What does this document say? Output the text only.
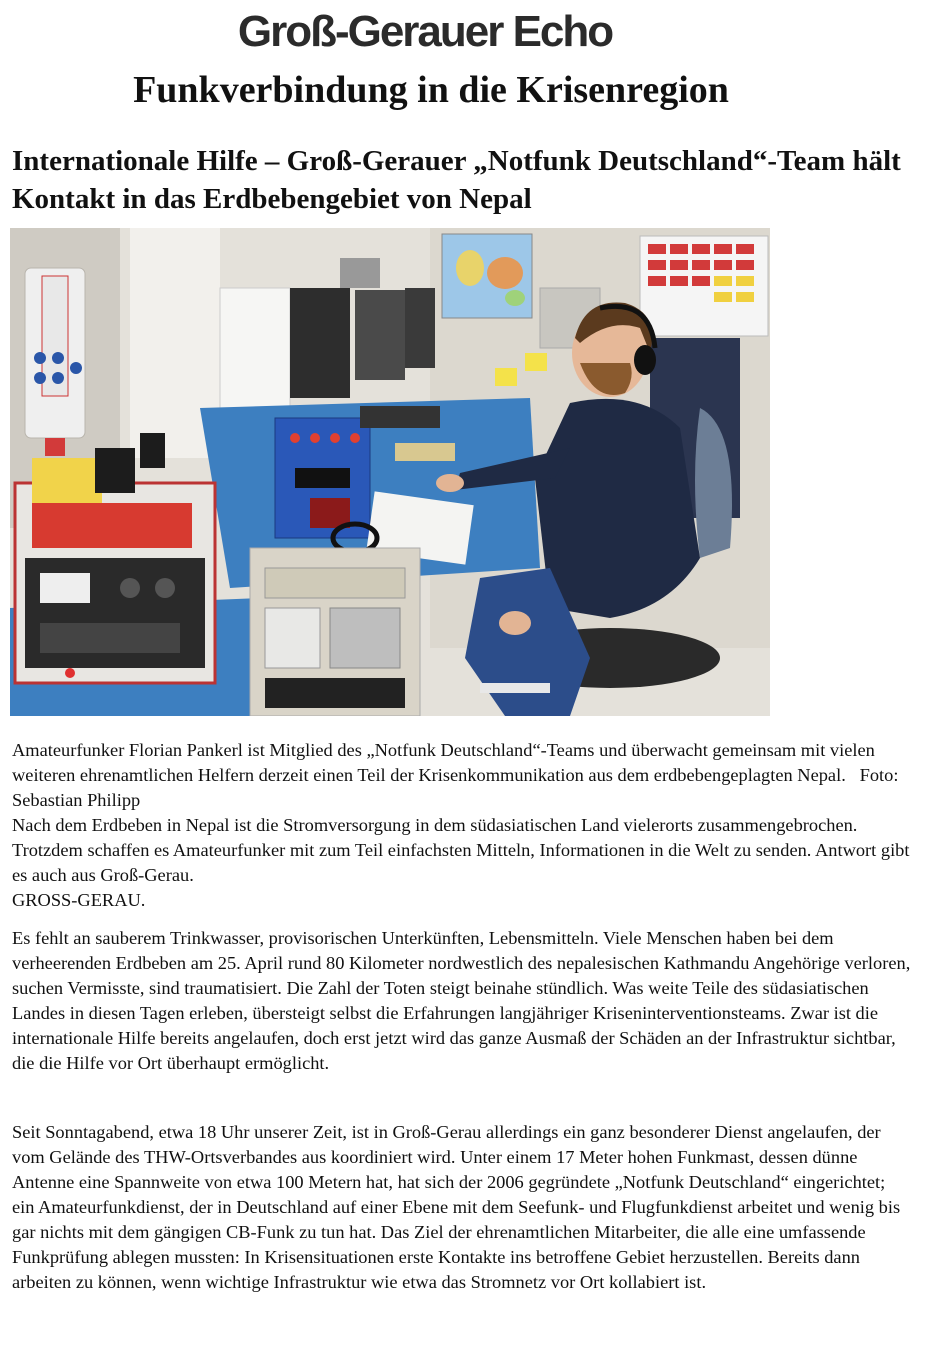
Groß-Gerauer Echo
Funkverbindung in die Krisenregion
Internationale Hilfe – Groß-Gerauer „Notfunk Deutschland“-Team hält Kontakt in das Erdbebengebiet von Nepal

Amateurfunker Florian Pankerl ist Mitglied des „Notfunk Deutschland“-Teams und überwacht gemeinsam mit vielen weiteren ehrenamtlichen Helfern derzeit einen Teil der Krisenkommunikation aus dem erdbebengeplagten Nepal. Foto: Sebastian Philipp

Nach dem Erdbeben in Nepal ist die Stromversorgung in dem südasiatischen Land vielerorts zusammengebrochen. Trotzdem schaffen es Amateurfunker mit zum Teil einfachsten Mitteln, Informationen in die Welt zu senden. Antwort gibt es auch aus Groß-Gerau.

GROSS-GERAU.

Es fehlt an sauberem Trinkwasser, provisorischen Unterkünften, Lebensmitteln. Viele Menschen haben bei dem verheerenden Erdbeben am 25. April rund 80 Kilometer nordwestlich des nepalesischen Kathmandu Angehörige verloren, suchen Vermisste, sind traumatisiert. Die Zahl der Toten steigt beinahe stündlich. Was weite Teile des südasiatischen Landes in diesen Tagen erleben, übersteigt selbst die Erfahrungen langjähriger Kriseninterventionsteams. Zwar ist die internationale Hilfe bereits angelaufen, doch erst jetzt wird das ganze Ausmaß der Schäden an der Infrastruktur sichtbar, die die Hilfe vor Ort überhaupt ermöglicht.

Seit Sonntagabend, etwa 18 Uhr unserer Zeit, ist in Groß-Gerau allerdings ein ganz besonderer Dienst angelaufen, der vom Gelände des THW-Ortsverbandes aus koordiniert wird. Unter einem 17 Meter hohen Funkmast, dessen dünne Antenne eine Spannweite von etwa 100 Metern hat, hat sich der 2006 gegründete „Notfunk Deutschland“ eingerichtet; ein Amateurfunkdienst, der in Deutschland auf einer Ebene mit dem Seefunk- und Flugfunkdienst arbeitet und wenig bis gar nichts mit dem gängigen CB-Funk zu tun hat. Das Ziel der ehrenamtlichen Mitarbeiter, die alle eine umfassende Funkprüfung ablegen mussten: In Krisensituationen erste Kontakte ins betroffene Gebiet herzustellen. Bereits dann arbeiten zu können, wenn wichtige Infrastruktur wie etwa das Stromnetz vor Ort kollabiert ist.
